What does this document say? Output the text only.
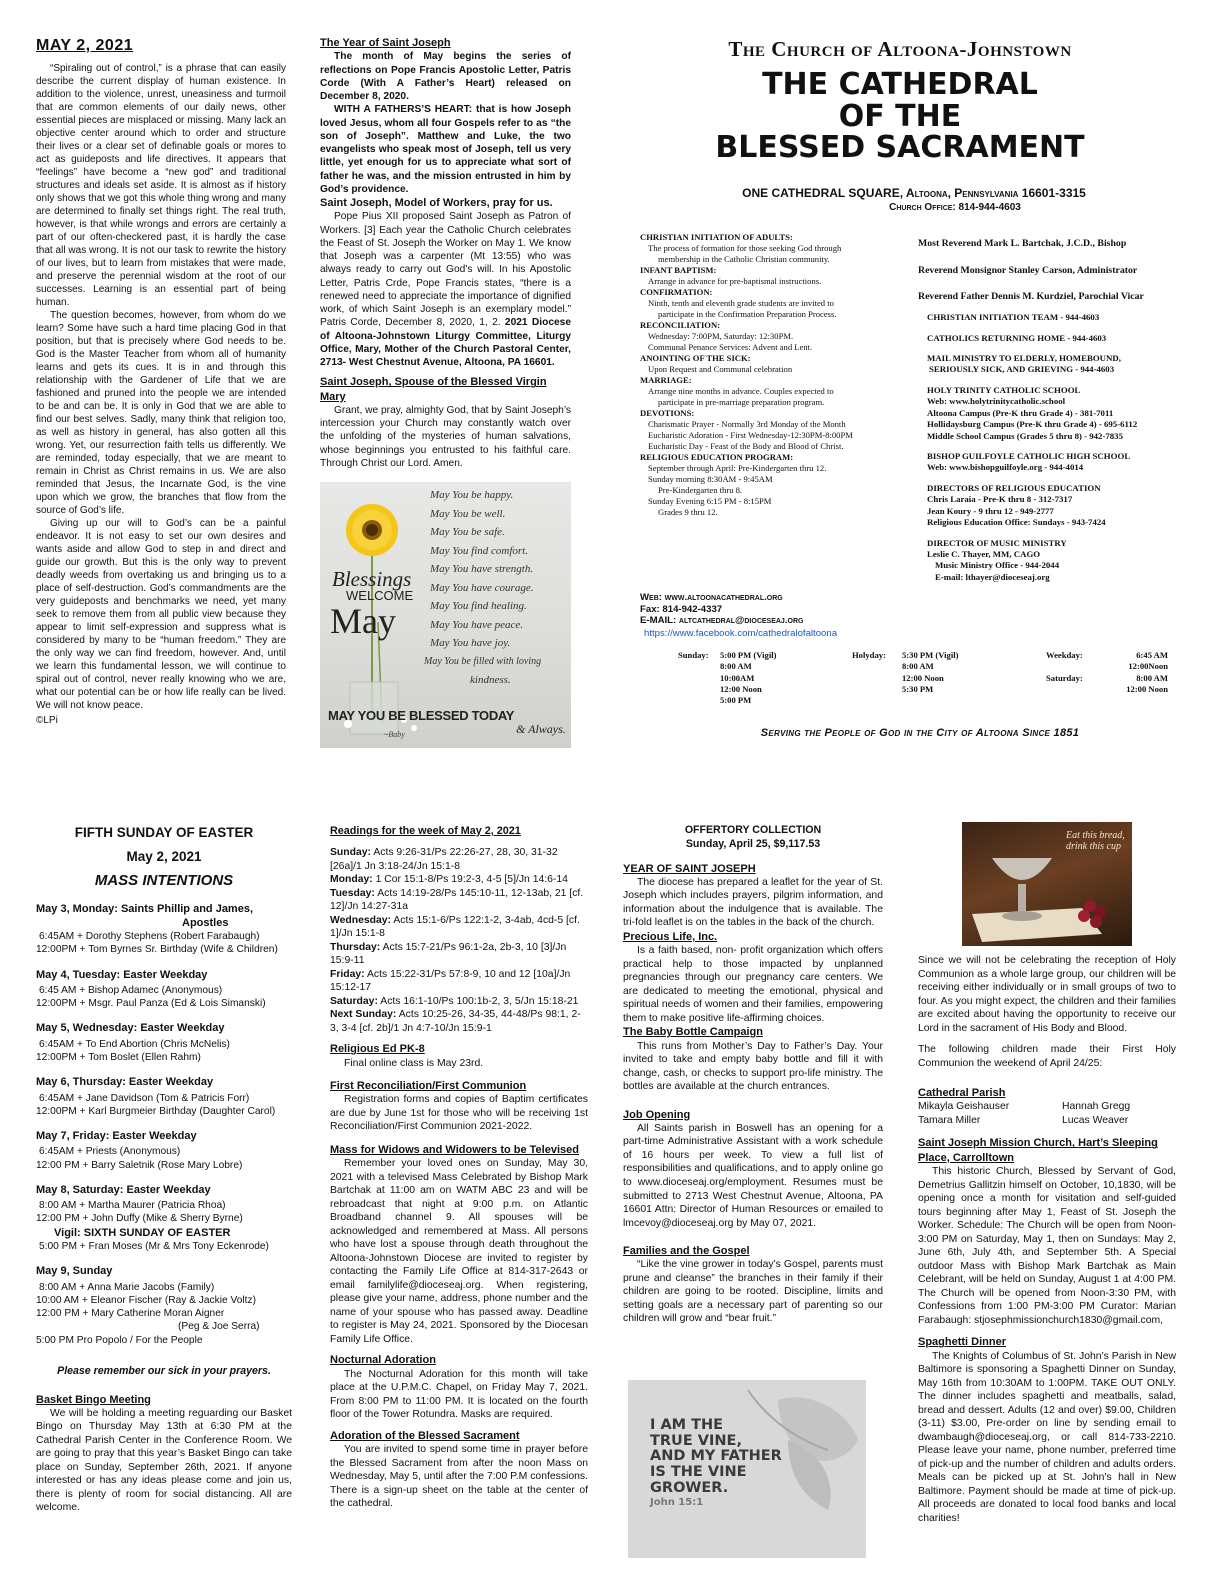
MAY 2, 2021

“Spiraling out of control,” is a phrase that can easily describe the current display of human existence. In addition to the violence, unrest, uneasiness and turmoil that are common elements of our daily news, other essential pieces are misplaced or missing. Many lack an objective center around which to order and structure their lives or a clear set of definable goals or mores to act as guideposts and life directives. It appears that “feelings” have become a “new god” and traditional structures and ideals set aside. It is almost as if history only shows that we got this whole thing wrong and many are determined to finally set things right. The real truth, however, is that while wrongs and errors are certainly a part of our often-checkered past, it is hardly the case that all was wrong. It is not our task to rewrite the history of our lives, but to learn from mistakes that were made, and preserve the perennial wisdom at the root of our successes. Learning is an essential part of being human.

The question becomes, however, from whom do we learn? Some have such a hard time placing God in that position, but that is precisely where God needs to be. God is the Master Teacher from whom all of humanity learns and gets its cues. It is in and through this relationship with the Gardener of Life that we are fashioned and pruned into the people we are intended to be and can be. It is only in God that we are able to find our best selves. Sadly, many think that religion too, as well as history in general, has also gotten all this wrong. Yet, our resurrection faith tells us differently. We are reminded, today especially, that we are meant to remain in Christ as Christ remains in us. We are also reminded that Jesus, the Incarnate God, is the vine upon which we grow, the branches that flow from the source of God’s life.

Giving up our will to God’s can be a painful endeavor. It is not easy to set our own desires and wants aside and allow God to step in and direct and guide our growth. But this is the only way to prevent deadly weeds from overtaking us and bringing us to a place of self-destruction. God’s commandments are the very guideposts and benchmarks we need, yet many seek to remove them from all public view because they appear to limit self-expression and suppress what is considered by many to be “human freedom.” They are the only way we can find freedom, however. And, until we learn this fundamental lesson, we will continue to spiral out of control, never really knowing who we are, what our potential can be or how life really can be lived. We will not know peace.

©LPi
The Year of Saint Joseph

The month of May begins the series of reflections on Pope Francis Apostolic Letter, Patris Corde (With A Father’s Heart) released on December 8, 2020.

WITH A FATHERS’S HEART: that is how Joseph loved Jesus, whom all four Gospels refer to as “the son of Joseph”. Matthew and Luke, the two evangelists who speak most of Joseph, tell us very little, yet enough for us to appreciate what sort of father he was, and the mission entrusted in him by God’s providence.

Saint Joseph, Model of Workers, pray for us.

Pope Pius XII proposed Saint Joseph as Patron of Workers. [3] Each year the Catholic Church celebrates the Feast of St. Joseph the Worker on May 1. We know that Joseph was a carpenter (Mt 13:55) who was always ready to carry out God’s will. In his Apostolic Letter, Patris Crde, Pope Francis states, “there is a renewed need to appreciate the importance of dignified work, of which Saint Joseph is an exemplary model.” Patris Corde, December 8, 2020, 1, 2. 2021 Diocese of Altoona-Johnstown Liturgy Committee, Liturgy Office, Mary, Mother of the Church Pastoral Center, 2713- West Chestnut Avenue, Altoona, PA 16601.

Saint Joseph, Spouse of the Blessed Virgin Mary

Grant, we pray, almighty God, that by Saint Joseph’s intercession your Church may constantly watch over the unfolding of the mysteries of human salvations, whose beginnings you entrusted to his faithful care. Through Christ our Lord. Amen.

Blessings
WELCOME
May
May You be happy.
May You be well.
May You be safe.
May You find comfort.
May You have strength.
May You have courage.
May You find healing.
May You have peace.
May You have joy.
May You be filled with loving
kindness.
MAY YOU BE BLESSED TODAY
& Always.
~Baby
The Church of Altoona-Johnstown
THE CATHEDRAL
OF THE
BLESSED SACRAMENT
ONE CATHEDRAL SQUARE, Altoona, Pennsylvania 16601-3315
Church Office: 814-944-4603
CHRISTIAN INITIATION OF ADULTS:
The process of formation for those seeking God through
membership in the Catholic Christian community.
INFANT BAPTISM:
Arrange in advance for pre-baptismal instructions.
CONFIRMATION:
Ninth, tenth and eleventh grade students are invited to
participate in the Confirmation Preparation Process.
RECONCILIATION:
Wednesday: 7:00PM, Saturday: 12:30PM.
Communal Penance Services: Advent and Lent.
ANOINTING OF THE SICK:
Upon Request and Communal celebration
MARRIAGE:
Arrange nine months in advance. Couples expected to
participate in pre-marriage preparation program.
DEVOTIONS:
Charismatic Prayer - Normally 3rd Monday of the Month
Eucharistic Adoration - First Wednesday-12:30PM-8:00PM
Eucharistic Day - Feast of the Body and Blood of Christ.
RELIGIOUS EDUCATION PROGRAM:
September through April: Pre-Kindergarten thru 12.
Sunday morning 8:30AM - 9:45AM
Pre-Kindergarten thru 8.
Sunday Evening 6:15 PM - 8:15PM
Grades 9 thru 12.
Web: www.altoonacathedral.org
Fax: 814-942-4337
E-MAIL: altcathedral@dioceseaj.org
https://www.facebook.com/cathedralofaltoona
Most Reverend Mark L. Bartchak, J.C.D., Bishop
Reverend Monsignor Stanley Carson, Administrator
Reverend Father Dennis M. Kurdziel, Parochial Vicar
CHRISTIAN INITIATION TEAM - 944-4603
CATHOLICS RETURNING HOME - 944-4603
MAIL MINISTRY TO ELDERLY, HOMEBOUND,
SERIOUSLY SICK, AND GRIEVING - 944-4603
HOLY TRINITY CATHOLIC SCHOOL
Web: www.holytrinitycatholic.school
Altoona Campus (Pre-K thru Grade 4) - 381-7011
Hollidaysburg Campus (Pre-K thru Grade 4) - 695-6112
Middle School Campus (Grades 5 thru 8) - 942-7835
BISHOP GUILFOYLE CATHOLIC HIGH SCHOOL
Web: www.bishopguilfoyle.org - 944-4014
DIRECTORS OF RELIGIOUS EDUCATION
Chris Laraia - Pre-K thru 8 - 312-7317
Jean Koury - 9 thru 12 - 949-2777
Religious Education Office: Sundays - 943-7424
DIRECTOR OF MUSIC MINISTRY
Leslie C. Thayer, MM, CAGO
Music Ministry Office - 944-2044
E-mail: lthayer@dioceseaj.org
Sunday: 5:00 PM (Vigil)
8:00 AM
10:00AM
12:00 Noon
5:00 PM
Holyday: 5:30 PM (Vigil)
8:00 AM
12:00 Noon
5:30 PM
Weekday:	6:45 AM
12:00Noon
Saturday:	8:00 AM
12:00 Noon
Serving the People of God in the City of Altoona Since 1851
FIFTH SUNDAY OF EASTER
May 2, 2021
MASS INTENTIONS
May 3, Monday: Saints Phillip and James,
Apostles
6:45AM + Dorothy Stephens (Robert Farabaugh)
12:00PM + Tom Byrnes Sr. Birthday (Wife & Children)
May 4, Tuesday: Easter Weekday
6:45 AM + Bishop Adamec (Anonymous)
12:00PM + Msgr. Paul Panza (Ed & Lois Simanski)
May 5, Wednesday: Easter Weekday
6:45AM + To End Abortion (Chris McNelis)
12:00PM + Tom Boslet (Ellen Rahm)
May 6, Thursday: Easter Weekday
6:45AM + Jane Davidson (Tom & Patricis Forr)
12:00PM + Karl Burgmeier Birthday (Daughter Carol)
May 7, Friday: Easter Weekday
6:45AM + Priests (Anonymous)
12:00 PM + Barry Saletnik (Rose Mary Lobre)
May 8, Saturday: Easter Weekday
8:00 AM + Martha Maurer (Patricia Rhoa)
12:00 PM + John Duffy (Mike & Sherry Byrne)
Vigil: SIXTH SUNDAY OF EASTER
5:00 PM + Fran Moses (Mr & Mrs Tony Eckenrode)
May 9, Sunday
8:00 AM + Anna Marie Jacobs (Family)
10:00 AM + Eleanor Fischer (Ray & Jackie Voltz)
12:00 PM + Mary Catherine Moran Aigner
(Peg & Joe Serra)
5:00 PM Pro Popolo / For the People
Please remember our sick in your prayers.
Basket Bingo Meeting

We will be holding a meeting reguarding our Basket Bingo on Thursday May 13th at 6:30 PM at the Cathedral Parish Center in the Conference Room. We are going to pray that this year’s Basket Bingo can take place on Sunday, September 26th, 2021. If anyone interested or has any ideas please come and join us, there is plenty of room for social distancing. All are welcome.

Readings for the week of May 2, 2021
Sunday: Acts 9:26-31/Ps 22:26-27, 28, 30, 31-32 [26a]/1 Jn 3:18-24/Jn 15:1-8
Monday: 1 Cor 15:1-8/Ps 19:2-3, 4-5 [5]/Jn 14:6-14
Tuesday: Acts 14:19-28/Ps 145:10-11, 12-13ab, 21 [cf. 12]/Jn 14:27-31a
Wednesday: Acts 15:1-6/Ps 122:1-2, 3-4ab, 4cd-5 [cf. 1]/Jn 15:1-8
Thursday: Acts 15:7-21/Ps 96:1-2a, 2b-3, 10 [3]/Jn 15:9-11
Friday: Acts 15:22-31/Ps 57:8-9, 10 and 12 [10a]/Jn 15:12-17
Saturday: Acts 16:1-10/Ps 100:1b-2, 3, 5/Jn 15:18-21
Next Sunday: Acts 10:25-26, 34-35, 44-48/Ps 98:1, 2-3, 3-4 [cf. 2b]/1 Jn 4:7-10/Jn 15:9-1
Religious Ed PK-8

Final online class is May 23rd.

First Reconciliation/First Communion

Registration forms and copies of Baptim certificates are due by June 1st for those who will be receiving 1st Reconciliation/First Communion 2021-2022.

Mass for Widows and Widowers to be Televised

Remember your loved ones on Sunday, May 30, 2021 with a televised Mass Celebrated by Bishop Mark Bartchak at 11:00 am on WATM ABC 23 and will be rebroadcast that night at 9:00 p.m. on Atlantic Broadband channel 9. All spouses will be acknowledged and remembered at Mass. All persons who have lost a spouse through death throughout the Altoona-Johnstown Diocese are invited to register by contacting the Family Life Office at 814-317-2643 or email familylife@dioceseaj.org. When registering, please give your name, address, phone number and the name of your spouse who has passed away. Deadline to register is May 24, 2021. Sponsored by the Diocesan Family Life Office.

Nocturnal Adoration

The Nocturnal Adoration for this month will take place at the U.P.M.C. Chapel, on Friday May 7, 2021. From 8:00 PM to 11:00 PM. It is located on the fourth floor of the Tower Rotundra. Masks are required.

Adoration of the Blessed Sacrament

You are invited to spend some time in prayer before the Blessed Sacrament from after the noon Mass on Wednesday, May 5, until after the 7:00 P.M confessions. There is a sign-up sheet on the table at the center of the cathedral.

OFFERTORY COLLECTION
Sunday, April 25, $9,117.53
YEAR OF SAINT JOSEPH

The diocese has prepared a leaflet for the year of St. Joseph which includes prayers, pilgrim information, and information about the indulgence that is available. The tri-fold leaflet is on the tables in the back of the church.

Precious Life, Inc.

Is a faith based, non- profit organization which offers practical help to those impacted by unplanned pregnancies through our pregnancy care centers. We are dedicated to meeting the emotional, physical and spiritual needs of women and their families, empowering them to make positive life-affirming choices.

The Baby Bottle Campaign

This runs from Mother’s Day to Father’s Day. Your invited to take and empty baby bottle and fill it with change, cash, or checks to support pro-life ministry. The bottles are available at the church entrances.

Job Opening

All Saints parish in Boswell has an opening for a part-time Administrative Assistant with a work schedule of 16 hours per week. To view a full list of responsibilities and qualifications, and to apply online go to www.dioceseaj.org/employment. Resumes must be submitted to 2713 West Chestnut Avenue, Altoona, PA 16601 Attn: Director of Human Resources or emailed to lmcevoy@dioceseaj.org by May 07, 2021.

Families and the Gospel

“Like the vine grower in today’s Gospel, parents must prune and cleanse” the branches in their family if their children are going to be rooted. Discipline, limits and setting goals are a necessary part of parenting so our children will grow and “bear fruit.”

I AM THE
TRUE VINE,
AND MY FATHER
IS THE VINE
GROWER.
John 15:1
Eat this bread, drink this cup

Since we will not be celebrating the reception of Holy Communion as a whole large group, our children will be receiving either individually or in small groups of two to four. As you might expect, the children and their families are excited about having the opportunity to receive our Lord in the sacrament of His Body and Blood.

The following children made their First Holy Communion the weekend of April 24/25:

Cathedral Parish
Mikayla Geishauser	Hannah Gregg
Tamara Miller	Lucas Weaver
Saint Joseph Mission Church, Hart’s Sleeping Place, Carrolltown

This historic Church, Blessed by Servant of God, Demetrius Gallitzin himself on October, 10,1830, will be opening once a month for visitation and self-guided tours beginning after May 1, Feast of St. Joseph the Worker. Schedule: The Church will be open from Noon-3:00 PM on Saturday, May 1, then on Sundays: May 2, June 6th, July 4th, and September 5th. A Special outdoor Mass with Bishop Mark Bartchak as Main Celebrant, will be held on Sunday, August 1 at 4:00 PM. The Church will be opened from Noon-3:30 PM, with Confessions from 1:00 PM-3:00 PM Curator: Marian Farabaugh: stjosephmissionchurch1830@gmail.com,

Spaghetti Dinner

The Knights of Columbus of St. John’s Parish in New Baltimore is sponsoring a Spaghetti Dinner on Sunday, May 16th from 10:30AM to 1:00PM. TAKE OUT ONLY. The dinner includes spaghetti and meatballs, salad, bread and dessert. Adults (12 and over) $9.00, Children (3-11) $3.00, Pre-order on line by sending email to dwambaugh@dioceseaj.org, or call 814-733-2210. Please leave your name, phone number, preferred time of pick-up and the number of children and adults orders. Meals can be picked up at St. John’s hall in New Baltimore. Payment should be made at time of pick-up. All proceeds are donated to local food banks and local charities!
